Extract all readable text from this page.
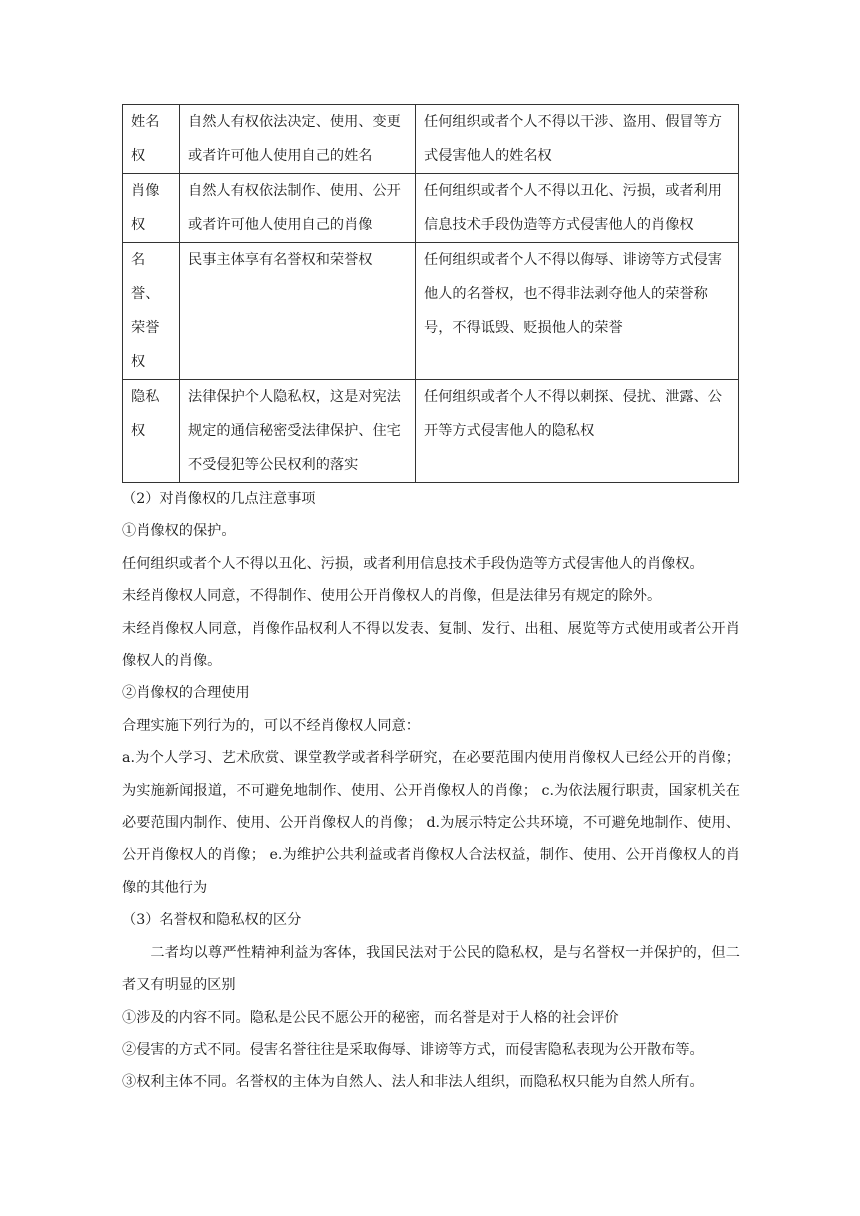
姓名权	自然人有权依法决定、使用、变更或者许可他人使用自己的姓名	任何组织或者个人不得以干涉、盗用、假冒等方式侵害他人的姓名权
肖像权	自然人有权依法制作、使用、公开或者许可他人使用自己的肖像	任何组织或者个人不得以丑化、污损，或者利用信息技术手段伪造等方式侵害他人的肖像权
名誉、荣誉权	民事主体享有名誉权和荣誉权	任何组织或者个人不得以侮辱、诽谤等方式侵害他人的名誉权，也不得非法剥夺他人的荣誉称号，不得诋毁、贬损他人的荣誉
隐私权	法律保护个人隐私权，这是对宪法规定的通信秘密受法律保护、住宅不受侵犯等公民权利的落实	任何组织或者个人不得以刺探、侵扰、泄露、公开等方式侵害他人的隐私权

（2）对肖像权的几点注意事项

①肖像权的保护。

任何组织或者个人不得以丑化、污损，或者利用信息技术手段伪造等方式侵害他人的肖像权。

未经肖像权人同意，不得制作、使用公开肖像权人的肖像，但是法律另有规定的除外。

未经肖像权人同意，肖像作品权利人不得以发表、复制、发行、出租、展览等方式使用或者公开肖像权人的肖像。

②肖像权的合理使用

合理实施下列行为的，可以不经肖像权人同意：

a.为个人学习、艺术欣赏、课堂教学或者科学研究，在必要范围内使用肖像权人已经公开的肖像；为实施新闻报道，不可避免地制作、使用、公开肖像权人的肖像； c.为依法履行职责，国家机关在必要范围内制作、使用、公开肖像权人的肖像； d.为展示特定公共环境，不可避免地制作、使用、公开肖像权人的肖像； e.为维护公共利益或者肖像权人合法权益，制作、使用、公开肖像权人的肖像的其他行为

（3）名誉权和隐私权的区分

二者均以尊严性精神利益为客体，我国民法对于公民的隐私权，是与名誉权一并保护的，但二者又有明显的区别

①涉及的内容不同。隐私是公民不愿公开的秘密，而名誉是对于人格的社会评价

②侵害的方式不同。侵害名誉往往是采取侮辱、诽谤等方式，而侵害隐私表现为公开散布等。

③权利主体不同。名誉权的主体为自然人、法人和非法人组织，而隐私权只能为自然人所有。
